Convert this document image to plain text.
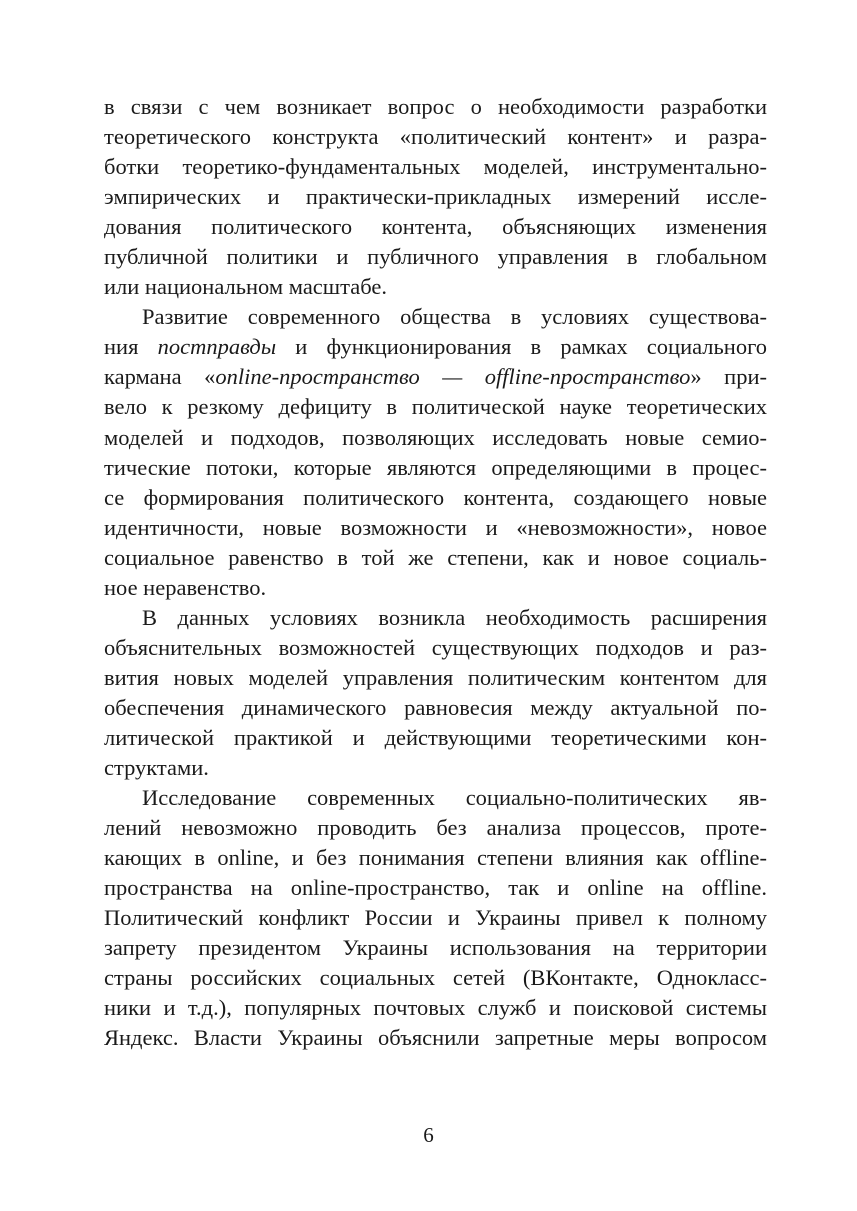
в связи с чем возникает вопрос о необходимости разработки
теоретического конструкта «политический контент» и разра-
ботки теоретико-фундаментальных моделей, инструментально-
эмпирических и практически-прикладных измерений иссле-
дования политического контента, объясняющих изменения
публичной политики и публичного управления в глобальном
или национальном масштабе.
Развитие современного общества в условиях существова-
ния постправды и функционирования в рамках социального
кармана «online-пространство — offline-пространство» при-
вело к резкому дефициту в политической науке теоретических
моделей и подходов, позволяющих исследовать новые семио-
тические потоки, которые являются определяющими в процес-
се формирования политического контента, создающего новые
идентичности, новые возможности и «невозможности», новое
социальное равенство в той же степени, как и новое социаль-
ное неравенство.
В данных условиях возникла необходимость расширения
объяснительных возможностей существующих подходов и раз-
вития новых моделей управления политическим контентом для
обеспечения динамического равновесия между актуальной по-
литической практикой и действующими теоретическими кон-
структами.
Исследование современных социально-политических яв-
лений невозможно проводить без анализа процессов, проте-
кающих в online, и без понимания степени влияния как offline-
пространства на online-пространство, так и online на offline.
Политический конфликт России и Украины привел к полному
запрету президентом Украины использования на территории
страны российских социальных сетей (ВКонтакте, Однокласс-
ники и т.д.), популярных почтовых служб и поисковой системы
Яндекс. Власти Украины объяснили запретные меры вопросом
6
